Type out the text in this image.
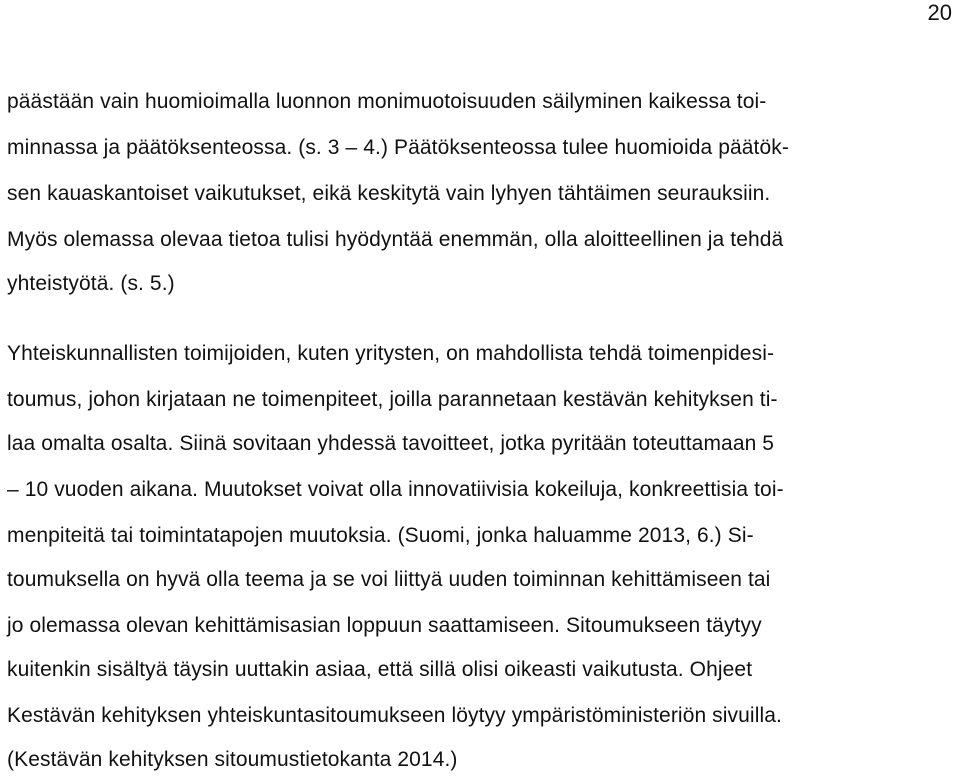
20
päästään vain huomioimalla luonnon monimuotoisuuden säilyminen kaikessa toi-
minnassa ja päätöksenteossa. (s. 3 – 4.) Päätöksenteossa tulee huomioida päätök-
sen kauaskantoiset vaikutukset, eikä keskitytä vain lyhyen tähtäimen seurauksiin.
Myös olemassa olevaa tietoa tulisi hyödyntää enemmän, olla aloitteellinen ja tehdä
yhteistyötä. (s. 5.)
Yhteiskunnallisten toimijoiden, kuten yritysten, on mahdollista tehdä toimenpidesi-
toumus, johon kirjataan ne toimenpiteet, joilla parannetaan kestävän kehityksen ti-
laa omalta osalta. Siinä sovitaan yhdessä tavoitteet, jotka pyritään toteuttamaan 5
– 10 vuoden aikana. Muutokset voivat olla innovatiivisia kokeiluja, konkreettisia toi-
menpiteitä tai toimintatapojen muutoksia. (Suomi, jonka haluamme 2013, 6.) Si-
toumuksella on hyvä olla teema ja se voi liittyä uuden toiminnan kehittämiseen tai
jo olemassa olevan kehittämisasian loppuun saattamiseen. Sitoumukseen täytyy
kuitenkin sisältyä täysin uuttakin asiaa, että sillä olisi oikeasti vaikutusta. Ohjeet
Kestävän kehityksen yhteiskuntasitoumukseen löytyy ympäristöministeriön sivuilla.
(Kestävän kehityksen sitoumustietokanta 2014.)
